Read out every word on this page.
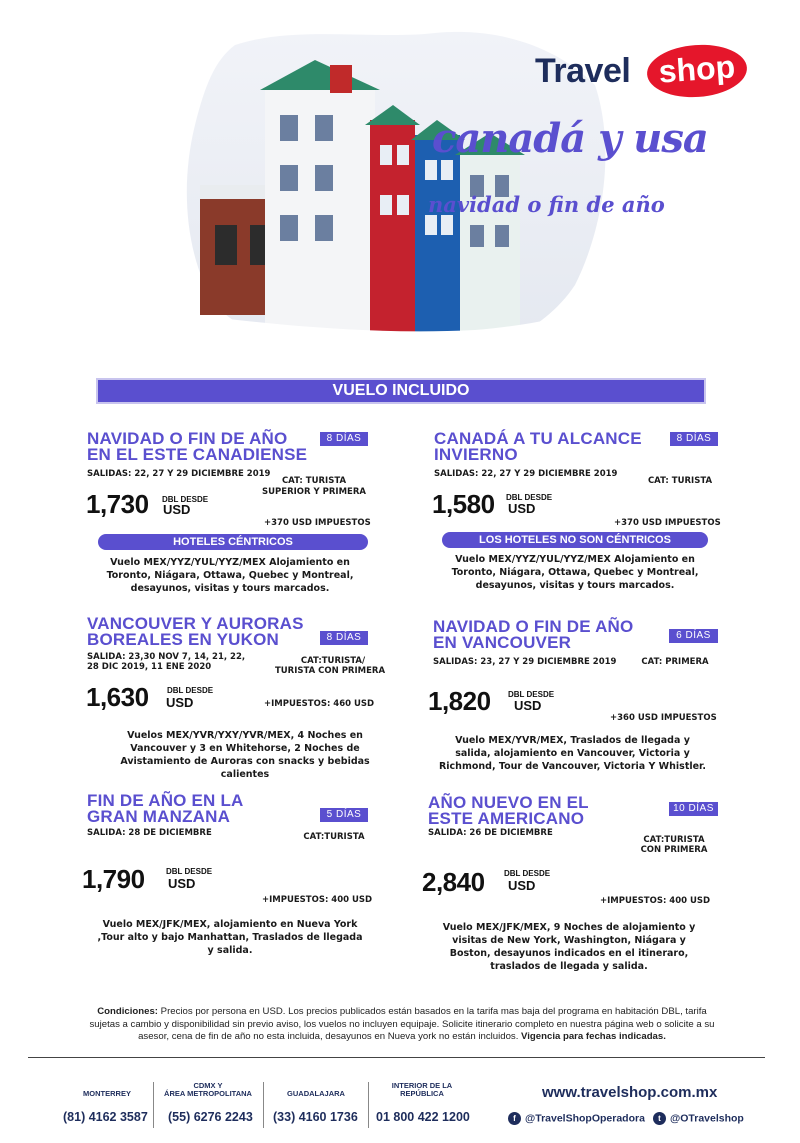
Travel shop
canadá y usa
navidad o fin de año
VUELO INCLUIDO
NAVIDAD O FIN DE AÑO
EN EL ESTE CANADIENSE
8 DÍAS
SALIDAS: 22, 27 Y 29 DICIEMBRE 2019
CAT: TURISTA
SUPERIOR Y PRIMERA
1,730 DBL DESDE
USD
+370 USD IMPUESTOS
HOTELES CÉNTRICOS
Vuelo MEX/YYZ/YUL/YYZ/MEX Alojamiento en
Toronto, Niágara, Ottawa, Quebec y Montreal,
desayunos, visitas y tours marcados.
CANADÁ A TU ALCANCE
INVIERNO
8 DÍAS
SALIDAS: 22, 27 Y 29 DICIEMBRE 2019
CAT: TURISTA
1,580 DBL DESDE
USD
+370 USD IMPUESTOS
LOS HOTELES NO SON CÉNTRICOS
Vuelo MEX/YYZ/YUL/YYZ/MEX Alojamiento en
Toronto, Niágara, Ottawa, Quebec y Montreal,
desayunos, visitas y tours marcados.
VANCOUVER Y AURORAS
BOREALES EN YUKON	8 DÍAS
SALIDA: 23,30 NOV 7, 14, 21, 22,
28 DIC 2019, 11 ENE 2020
CAT:TURISTA/
TURISTA CON PRIMERA
1,630 DBL DESDE
USD	+IMPUESTOS: 460 USD
Vuelos MEX/YVR/YXY/YVR/MEX, 4 Noches en
Vancouver y 3 en Whitehorse, 2 Noches de
Avistamiento de Auroras con snacks y bebidas
calientes
NAVIDAD O FIN DE AÑO
EN VANCOUVER	6 DÍAS
SALIDAS: 23, 27 Y 29 DICIEMBRE 2019	CAT: PRIMERA
1,820 DBL DESDE
USD
+360 USD IMPUESTOS
Vuelo MEX/YVR/MEX, Traslados de llegada y
salida, alojamiento en Vancouver, Victoria y
Richmond, Tour de Vancouver, Victoria Y Whistler.
FIN DE AÑO EN LA
GRAN MANZANA	5 DÍAS
SALIDA: 28 DE DICIEMBRE	CAT:TURISTA
1,790	DBL DESDE
USD
+IMPUESTOS: 400 USD
Vuelo MEX/JFK/MEX, alojamiento en Nueva York
,Tour alto y bajo Manhattan, Traslados de llegada
y salida.
AÑO NUEVO EN EL
ESTE AMERICANO
10 DÍAS
SALIDA: 26 DE DICIEMBRE
CAT:TURISTA
CON PRIMERA
2,840 DBL DESDE
USD
+IMPUESTOS: 400 USD
Vuelo MEX/JFK/MEX, 9 Noches de alojamiento y
visitas de New York, Washington, Niágara y
Boston, desayunos indicados en el itineraro,
traslados de llegada y salida.
Condiciones: Precios por persona en USD. Los precios publicados están basados en la tarifa mas baja del programa en habitación DBL, tarifa sujetas a cambio y disponibilidad sin previo aviso, los vuelos no incluyen equipaje. Solicite itinerario completo en nuestra página web o solicite a su asesor, cena de fin de año no esta incluida, desayunos en Nueva york no están incluidos. Vigencia para fechas indicadas.
MONTERREY
(81) 4162 3587
CDMX Y
ÁREA METROPOLITANA
(55) 6276 2243
GUADALAJARA
(33) 4160 1736
INTERIOR DE LA
REPÚBLICA
01 800 422 1200
www.travelshop.com.mx
f @TravelShopOperadora	t @OTravelshop
